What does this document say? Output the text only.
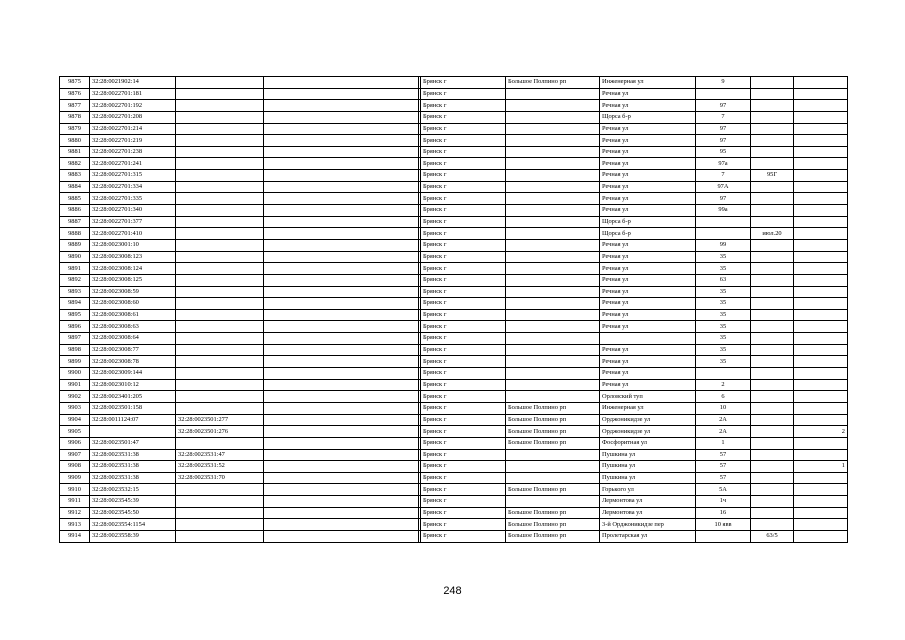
9875	32:28:0021902:14				Брянск г	Большое Полпино рп	Инженерная ул	9		
9876	32:28:0022701:181				Брянск г		Речная ул			
9877	32:28:0022701:192				Брянск г		Речная ул	97		
9878	32:28:0022701:208				Брянск г		Щорса б-р	7		
9879	32:28:0022701:214				Брянск г		Речная ул	97		
9880	32:28:0022701:219				Брянск г		Речная ул	97		
9881	32:28:0022701:238				Брянск г		Речная ул	95		
9882	32:28:0022701:241				Брянск г		Речная ул	97а		
9883	32:28:0022701:315				Брянск г		Речная ул	7	95Г	
9884	32:28:0022701:334				Брянск г		Речная ул	97А		
9885	32:28:0022701:335				Брянск г		Речная ул	97		
9886	32:28:0022701:340				Брянск г		Речная ул	99а		
9887	32:28:0022701:377				Брянск г		Щорса б-р			
9888	32:28:0022701:410				Брянск г		Щорса б-р		июл.20	
9889	32:28:0023001:10				Брянск г		Речная ул	99		
9890	32:28:0023008:123				Брянск г		Речная ул	35		
9891	32:28:0023008:124				Брянск г		Речная ул	35		
9892	32:28:0023008:125				Брянск г		Речная ул	63		
9893	32:28:0023008:59				Брянск г		Речная ул	35		
9894	32:28:0023008:60				Брянск г		Речная ул	35		
9895	32:28:0023008:61				Брянск г		Речная ул	35		
9896	32:28:0023008:63				Брянск г		Речная ул	35		
9897	32:28:0023008:64				Брянск г			35		
9898	32:28:0023008:77				Брянск г		Речная ул	35		
9899	32:28:0023008:78				Брянск г		Речная ул	35		
9900	32:28:0023009:144				Брянск г		Речная ул			
9901	32:28:0023010:12				Брянск г		Речная ул	2		
9902	32:28:0023401:205				Брянск г		Орловский туп	6		
9903	32:28:0023501:158				Брянск г	Большое Полпино рп	Инженерная ул	10		
9904	32:28:0011124:07	32:28:0023501:277			Брянск г	Большое Полпино рп	Орджоникидзе ул	2А		
9905		32:28:0023501:276			Брянск г	Большое Полпино рп	Орджоникидзе ул	2А		2
9906	32:28:0023501:47				Брянск г	Большое Полпино рп	Фосфоритная ул	1		
9907	32:28:0023531:38	32:28:0023531:47			Брянск г		Пушкина ул	57		
9908	32:28:0023531:38	32:28:0023531:52			Брянск г		Пушкина ул	57		1
9909	32:28:0023531:38	32:28:0023531:70			Брянск г		Пушкина ул	57		
9910	32:28:0023532:15				Брянск г	Большое Полпино рп	Горького ул	5А		
9911	32:28:0023545:39				Брянск г		Лермонтова ул	1ч		
9912	32:28:0023545:50				Брянск г	Большое Полпино рп	Лермонтова ул	16		
9913	32:28:0023554:1154				Брянск г	Большое Полпино рп	3-й Орджоникидзе пер	10 явв		
9914	32:28:0023558:39				Брянск г	Большое Полпино рп	Пролетарская ул		63/5	
248
